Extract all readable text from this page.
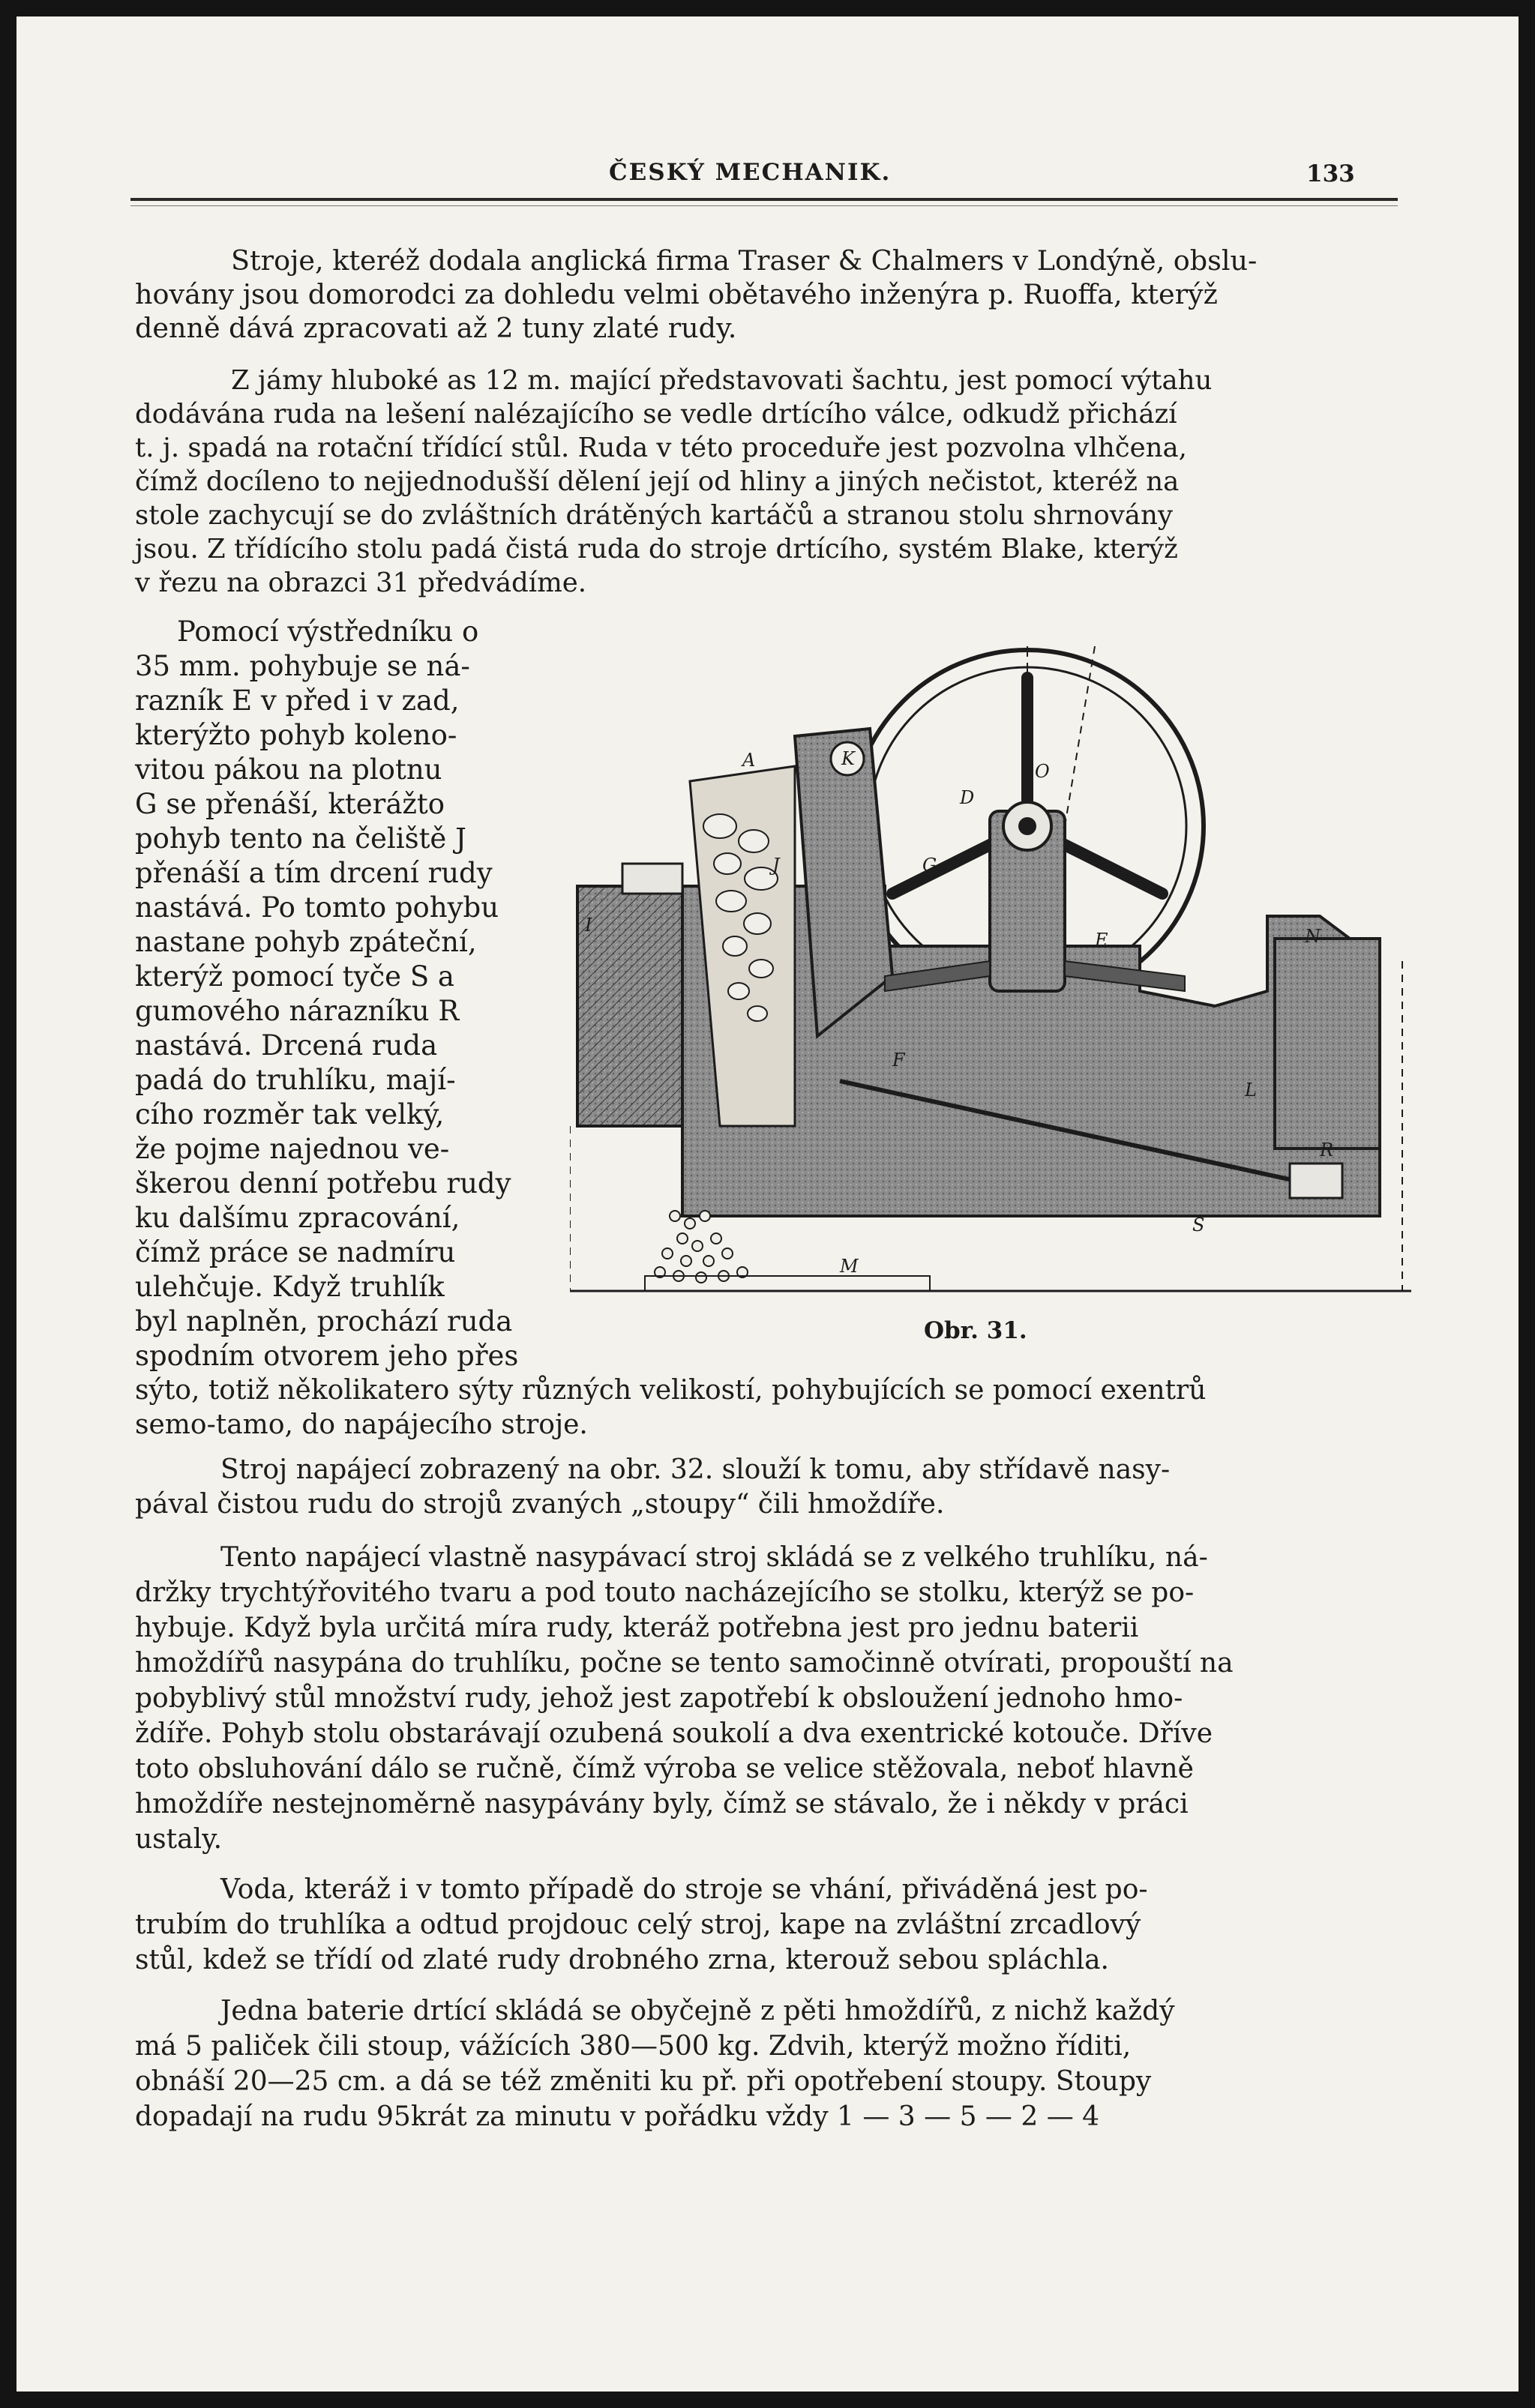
ČESKÝ MECHANIK.	133
Stroje, kteréž dodala anglická firma Traser & Chalmers v Londýně, obslu-
hovány jsou domorodci za dohledu velmi obětavého inženýra p. Ruoffa, kterýž
denně dává zpracovati až 2 tuny zlaté rudy.
Z jámy hluboké as 12 m. mající představovati šachtu, jest pomocí výtahu
dodávána ruda na lešení nalézajícího se vedle drtícího válce, odkudž přichází
t. j. spadá na rotační třídící stůl. Ruda v této proceduře jest pozvolna vlhčena,
čímž docíleno to nejjednodušší dělení její od hliny a jiných nečistot, kteréž na
stole zachycují se do zvláštních drátěných kartáčů a stranou stolu shrnovány
jsou. Z třídícího stolu padá čistá ruda do stroje drtícího, systém Blake, kterýž
v řezu na obrazci 31 předvádíme.
Pomocí výstředníku o
35 mm. pohybuje se ná-
razník E v před i v zad,
kterýžto pohyb koleno-
vitou pákou na plotnu
G se přenáší, kterážto
pohyb tento na čeliště J
přenáší a tím drcení rudy
nastává. Po tomto pohybu
nastane pohyb zpáteční,
kterýž pomocí tyče S a
gumového nárazníku R
nastává. Drcená ruda
padá do truhlíku, mají-
cího rozměr tak velký,
že pojme najednou ve-
škerou denní potřebu rudy
ku dalšímu zpracování,
čímž práce se nadmíru
ulehčuje. Když truhlík
byl naplněn, prochází ruda
spodním otvorem jeho přes
sýto, totiž několikatero sýty různých velikostí, pohybujících se pomocí exentrů
semo-tamo, do napájecího stroje.
Stroj napájecí zobrazený na obr. 32. slouží k tomu, aby střídavě nasy-
pával čistou rudu do strojů zvaných „stoupy“ čili hmoždíře.
Tento napájecí vlastně nasypávací stroj skládá se z velkého truhlíku, ná-
držky trychtýřovitého tvaru a pod touto nacházejícího se stolku, kterýž se po-
hybuje. Když byla určitá míra rudy, kteráž potřebna jest pro jednu baterii
hmoždířů nasypána do truhlíku, počne se tento samočinně otvírati, propouští na
pobyblivý stůl množství rudy, jehož jest zapotřebí k obsloužení jednoho hmo-
ždíře. Pohyb stolu obstarávají ozubená soukolí a dva exentrické kotouče. Dříve
toto obsluhování dálo se ručně, čímž výroba se velice stěžovala, neboť hlavně
hmoždíře nestejnoměrně nasypávány byly, čímž se stávalo, že i někdy v práci
ustaly.
Voda, kteráž i v tomto případě do stroje se vhání, přiváděná jest po-
trubím do truhlíka a odtud projdouc celý stroj, kape na zvláštní zrcadlový
stůl, kdež se třídí od zlaté rudy drobného zrna, kterouž sebou spláchla.
Jedna baterie drtící skládá se obyčejně z pěti hmoždířů, z nichž každý
má 5 paliček čili stoup, vážících 380—500 kg. Zdvih, kterýž možno říditi,
obnáší 20—25 cm. a dá se též změniti ku př. při opotřebení stoupy. Stoupy
dopadají na rudu 95krát za minutu v pořádku vždy 1 — 3 — 5 — 2 — 4
K
D
A
G
N
J
I
L
F
R
S
O
E
M
Obr. 31.
